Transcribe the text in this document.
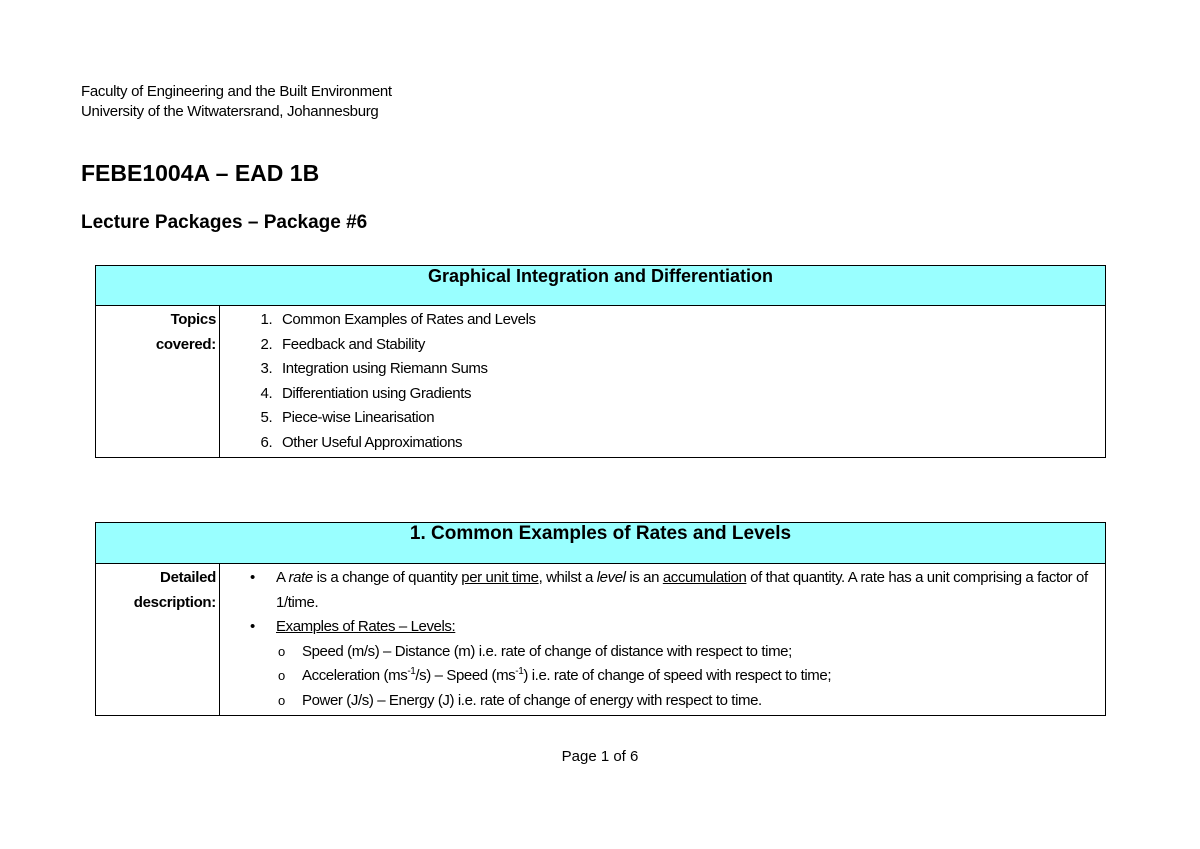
Faculty of Engineering and the Built Environment
University of the Witwatersrand, Johannesburg
FEBE1004A – EAD 1B
Lecture Packages – Package #6
Graphical Integration and Differentiation

Topics
covered:

1. Common Examples of Rates and Levels
2. Feedback and Stability
3. Integration using Riemann Sums
4. Differentiation using Gradients
5. Piece-wise Linearisation
6. Other Useful Approximations
1. Common Examples of Rates and Levels

Detailed
description:

• A rate is a change of quantity per unit time, whilst a level is an accumulation of that quantity. A rate has a unit comprising a factor of 1/time.
• Examples of Rates – Levels:
o Speed (m/s) – Distance (m) i.e. rate of change of distance with respect to time;
o Acceleration $(ms^{-1}/s)$ – Speed $(ms^{-1})$ i.e. rate of change of speed with respect to time;
o Power (J/s) – Energy (J) i.e. rate of change of energy with respect to time.
Page 1 of 6
